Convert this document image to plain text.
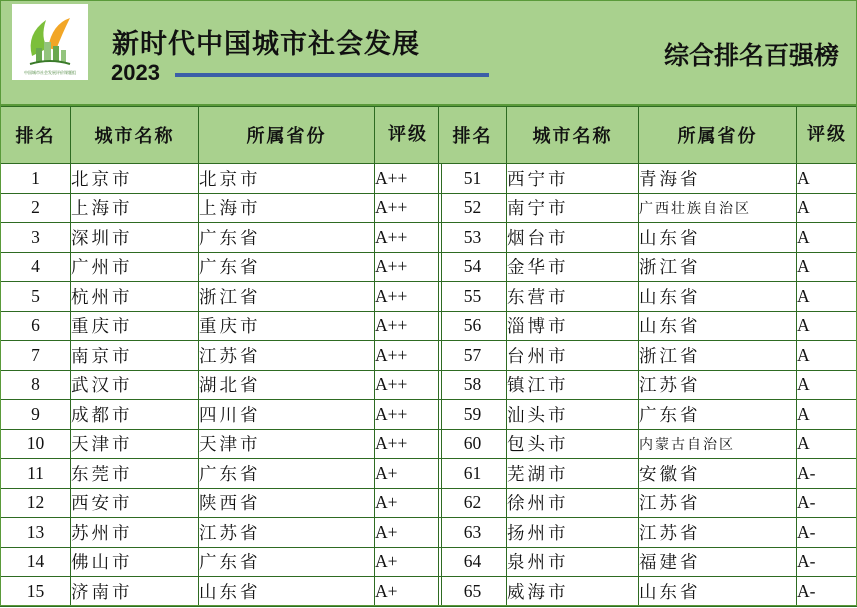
中国城市社会发展评价课题组
新时代中国城市社会发展
2023
综合排名百强榜
排名	城市名称	所属省份	评级
1	北京市	北京市	A++
2	上海市	上海市	A++
3	深圳市	广东省	A++
4	广州市	广东省	A++
5	杭州市	浙江省	A++
6	重庆市	重庆市	A++
7	南京市	江苏省	A++
8	武汉市	湖北省	A++
9	成都市	四川省	A++
10	天津市	天津市	A++
11	东莞市	广东省	A+
12	西安市	陕西省	A+
13	苏州市	江苏省	A+
14	佛山市	广东省	A+
15	济南市	山东省	A+
排名	城市名称	所属省份	评级
51	西宁市	青海省	A
52	南宁市	广西壮族自治区	A
53	烟台市	山东省	A
54	金华市	浙江省	A
55	东营市	山东省	A
56	淄博市	山东省	A
57	台州市	浙江省	A
58	镇江市	江苏省	A
59	汕头市	广东省	A
60	包头市	内蒙古自治区	A
61	芜湖市	安徽省	A-
62	徐州市	江苏省	A-
63	扬州市	江苏省	A-
64	泉州市	福建省	A-
65	威海市	山东省	A-
